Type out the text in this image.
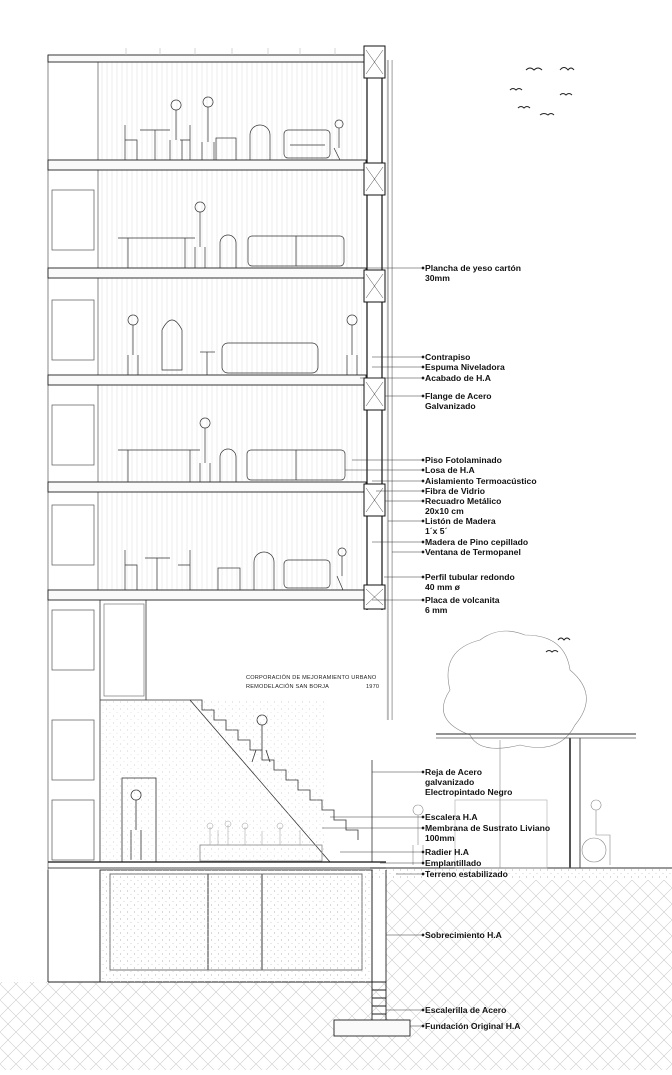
CORPORACIÓN DE MEJORAMIENTO URBANO
REMODELACIÓN SAN BORJA	1970
Plancha de yeso cartón
30mm
Contrapiso
Espuma Niveladora
Acabado de H.A
Flange de Acero
Galvanizado
Piso Fotolaminado
Losa de H.A
Aislamiento Termoacústico
Fibra de Vidrio
Recuadro Metálico
20x10 cm
Listón de Madera
1´x 5´
Madera de Pino cepillado
Ventana de Termopanel
Perfil tubular redondo
40 mm ø
Placa de volcanita
6 mm
Reja de Acero
galvanizado
Electropintado Negro
Escalera H.A
Membrana de Sustrato Liviano
100mm
Radier H.A
Emplantillado
Terreno estabilizado
Sobrecimiento H.A
Escalerilla de Acero
Fundación Original H.A
